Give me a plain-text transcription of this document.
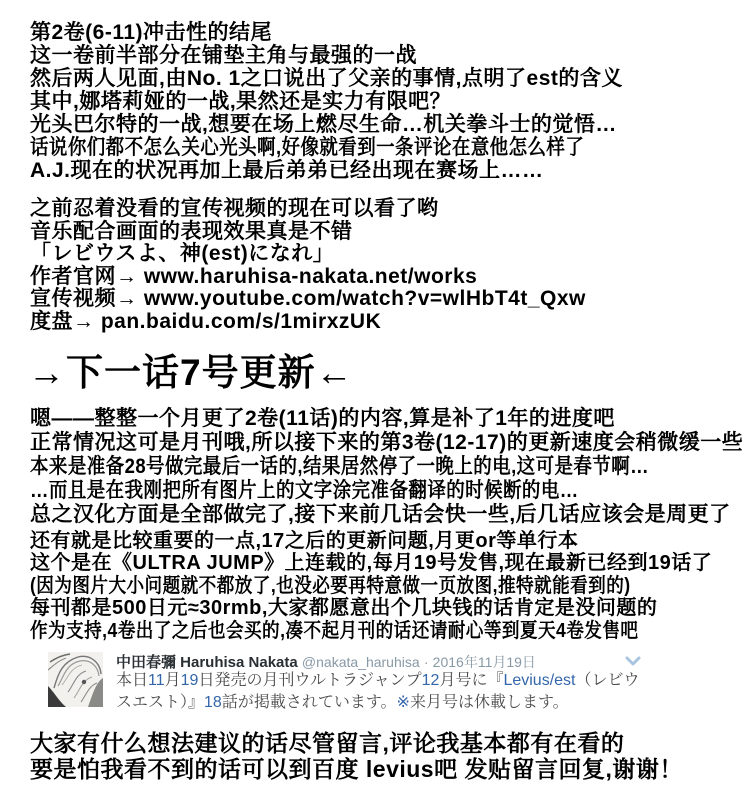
第2卷(6-11)冲击性的结尾
这一卷前半部分在铺垫主角与最强的一战
然后两人见面,由No. 1之口说出了父亲的事情,点明了est的含义
其中,娜塔莉娅的一战,果然还是实力有限吧？
光头巴尔特的一战,想要在场上燃尽生命…机关拳斗士的觉悟…
话说你们都不怎么关心光头啊,好像就看到一条评论在意他怎么样了
A.J.现在的状况再加上最后弟弟已经出现在赛场上……
之前忍着没看的宣传视频的现在可以看了哟
音乐配合画面的表现效果真是不错
「レビウスよ、神(est)になれ」
作者官网→ www.haruhisa-nakata.net/works
宣传视频→ www.youtube.com/watch?v=wlHbT4t_Qxw
度盘→ pan.baidu.com/s/1mirxzUK
→下一话7号更新←
嗯——整整一个月更了2卷(11话)的内容,算是补了1年的进度吧
正常情况这可是月刊哦,所以接下来的第3卷(12-17)的更新速度会稍微缓一些
本来是准备28号做完最后一话的,结果居然停了一晚上的电,这可是春节啊…
…而且是在我刚把所有图片上的文字涂完准备翻译的时候断的电…
总之汉化方面是全部做完了,接下来前几话会快一些,后几话应该会是周更了
还有就是比较重要的一点,17之后的更新问题,月更or等单行本
这个是在《ULTRA JUMP》上连载的,每月19号发售,现在最新已经到19话了
(因为图片大小问题就不都放了,也没必要再特意做一页放图,推特就能看到的)
每刊都是500日元≈30rmb,大家都愿意出个几块钱的话肯定是没问题的
作为支持,4卷出了之后也会买的,凑不起月刊的话还请耐心等到夏天4卷发售吧
中田春彌 Haruhisa Nakata @nakata_haruhisa · 2016年11月19日
本日11月19日発売の月刊ウルトラジャンプ12月号に『Levius/est（レビウ
スエスト）』18話が掲載されています。※来月号は休載します。
大家有什么想法建议的话尽管留言,评论我基本都有在看的
要是怕我看不到的话可以到百度 levius吧 发贴留言回复,谢谢！
